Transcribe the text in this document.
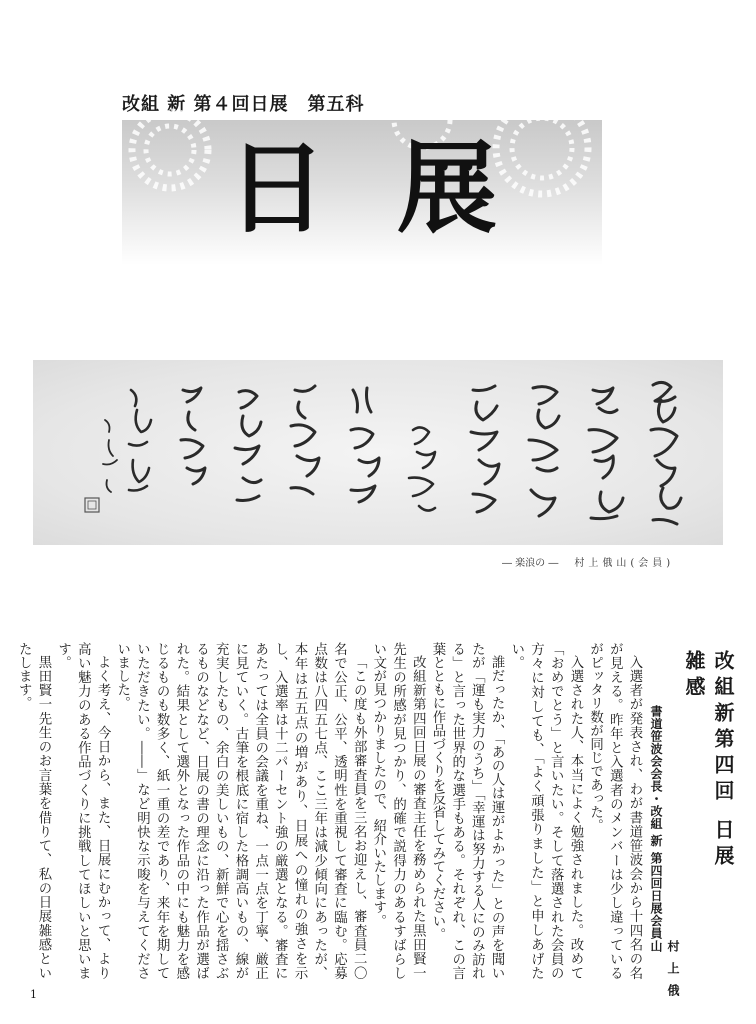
改組 新 第４回日展　第五科
日展
― 楽浪の ― 村上俄山(会員)
改組新第四回 日展雑感
書道笹波会会長・改組 新 第四回日展会員
村上俄山

入選者が発表され、わが書道笹波会から十四名の名が見える。昨年と入選者のメンバーは少し違っているがピッタリ数が同じであった。

入選された人、本当によく勉強されました。改めて「おめでとう」と言いたい。そして落選された会員の方々に対しても、「よく頑張りました」と申しあげたい。

誰だったか、「あの人は運がよかった」との声を聞いたが「運も実力のうち」「幸運は努力する人にのみ訪れる」と言った世界的な選手もある。それぞれ、この言葉とともに作品づくりを反省してみてください。

改組新第四回日展の審査主任を務められた黒田賢一先生の所感が見つかり、的確で説得力のあるすばらしい文が見つかりましたので、紹介いたします。

「この度も外部審査員を三名お迎えし、審査員二〇名で公正、公平、透明性を重視して審査に臨む。応募点数は八四五七点、ここ三年は減少傾向にあったが、本年は五五点の増があり、日展への憧れの強さを示し、入選率は十二パーセント強の厳選となる。審査にあたっては全員の会議を重ね、一点一点を丁寧、厳正に見ていく。古筆を根底に宿した格調高いもの、線が充実したもの、余白の美しいもの、新鮮で心を揺さぶるものなどなど、日展の書の理念に沿った作品が選ばれた。結果として選外となった作品の中にも魅力を感じるものも数多く、紙一重の差であり、来年を期していただきたい。――」など明快な示唆を与えてくださいました。

よく考え、今日から、また、日展にむかって、より高い魅力のある作品づくりに挑戦してほしいと思います。

黒田賢一先生のお言葉を借りて、私の日展雑感といたします。

1
